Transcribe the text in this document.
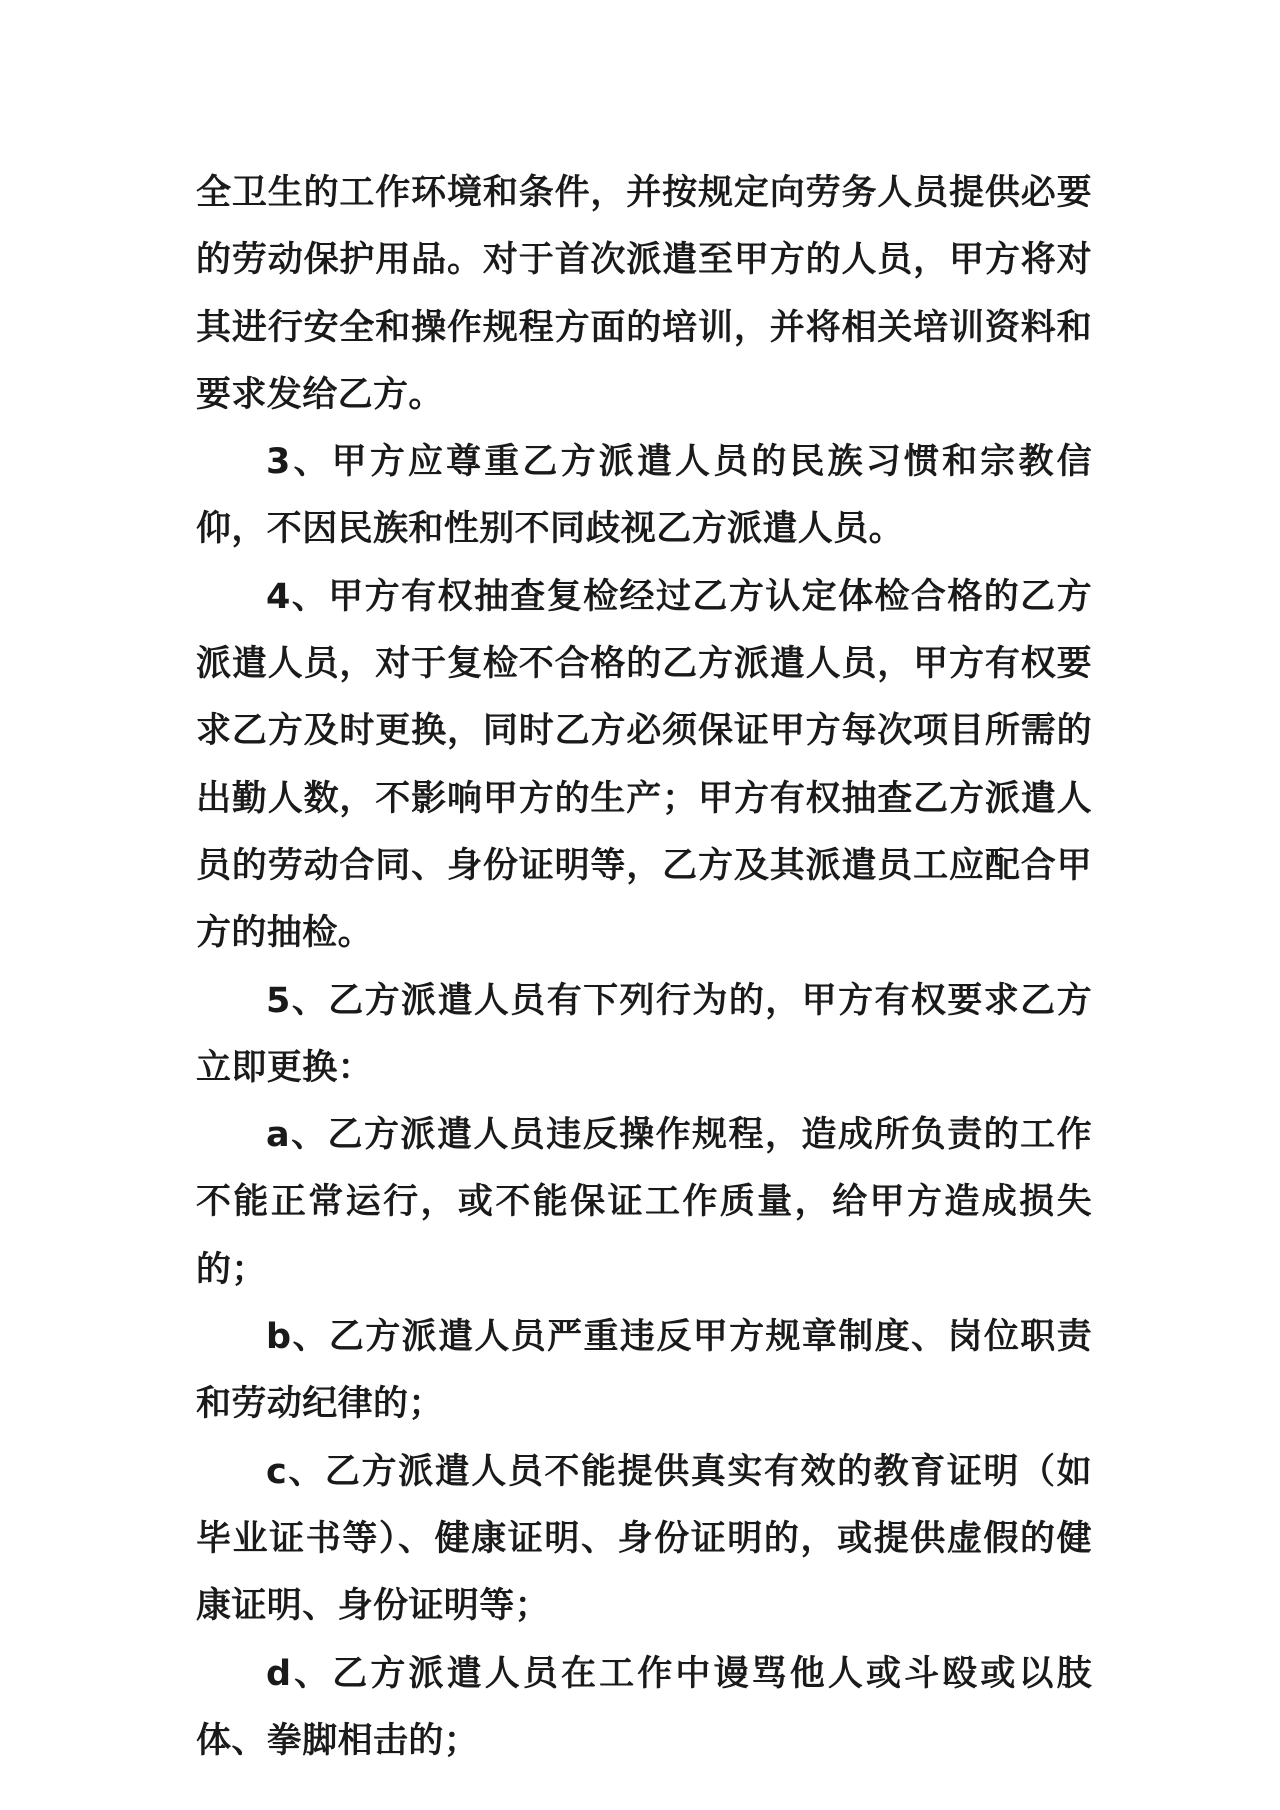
全卫生的工作环境和条件，并按规定向劳务人员提供必要的劳动保护用品。对于首次派遣至甲方的人员，甲方将对其进行安全和操作规程方面的培训，并将相关培训资料和要求发给乙方。

3、甲方应尊重乙方派遣人员的民族习惯和宗教信仰，不因民族和性别不同歧视乙方派遣人员。

4、甲方有权抽查复检经过乙方认定体检合格的乙方派遣人员，对于复检不合格的乙方派遣人员，甲方有权要求乙方及时更换，同时乙方必须保证甲方每次项目所需的出勤人数，不影响甲方的生产；甲方有权抽查乙方派遣人员的劳动合同、身份证明等，乙方及其派遣员工应配合甲方的抽检。

5、乙方派遣人员有下列行为的，甲方有权要求乙方立即更换：

a、乙方派遣人员违反操作规程，造成所负责的工作不能正常运行，或不能保证工作质量，给甲方造成损失的；

b、乙方派遣人员严重违反甲方规章制度、岗位职责和劳动纪律的；

c、乙方派遣人员不能提供真实有效的教育证明（如毕业证书等）、健康证明、身份证明的，或提供虚假的健康证明、身份证明等；

d、乙方派遣人员在工作中谩骂他人或斗殴或以肢体、拳脚相击的；
